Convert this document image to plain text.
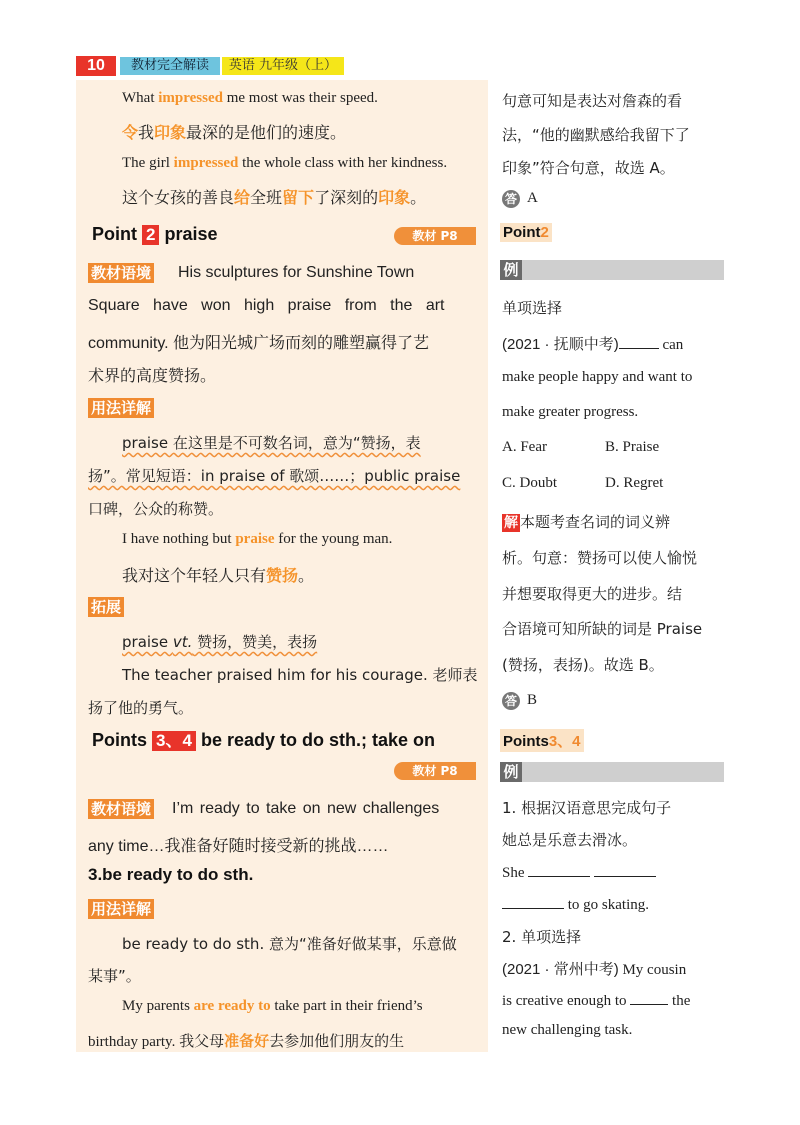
10	教材完全解读	英语 九年级（上）
What impressed me most was their speed.
令我印象最深的是他们的速度。
The girl impressed the whole class with her kindness.
这个女孩的善良给全班留下了深刻的印象。
Point 2 praise	教材 P8
教材语境 His sculptures for Sunshine Town
Square have won high praise from the art
community. 他为阳光城广场而刻的雕塑赢得了艺
术界的高度赞扬。
用法详解
praise 在这里是不可数名词，意为“赞扬，表
扬”。常见短语：in praise of 歌颂……；public praise
口碑，公众的称赞。
I have nothing but praise for the young man.
我对这个年轻人只有赞扬。
拓展
praise vt. 赞扬，赞美，表扬
The teacher praised him for his courage. 老师表
扬了他的勇气。
Points 3、4 be ready to do sth.; take on
教材 P8
教材语境 I’m ready to take on new challenges
any time…我准备好随时接受新的挑战……
3.be ready to do sth.
用法详解
be ready to do sth. 意为“准备好做某事，乐意做
某事”。
My parents are ready to take part in their friend’s
birthday party. 我父母准备好去参加他们朋友的生
句意可知是表达对詹森的看
法，“他的幽默感给我留下了
印象”符合句意，故选 A。
答 A
Point2
例
单项选择
(2021 · 抚顺中考)	can
make people happy and want to
make greater progress.
A. Fear	B. Praise
C. Doubt	D. Regret
解 本题考查名词的词义辨
析。句意：赞扬可以使人愉悦
并想要取得更大的进步。结
合语境可知所缺的词是 Praise
(赞扬，表扬)。故选 B。
答 B
Points3、4
例
1. 根据汉语意思完成句子
她总是乐意去滑冰。
She
to go skating.
2. 单项选择
(2021 · 常州中考) My cousin
is creative enough to	the
new challenging task.
